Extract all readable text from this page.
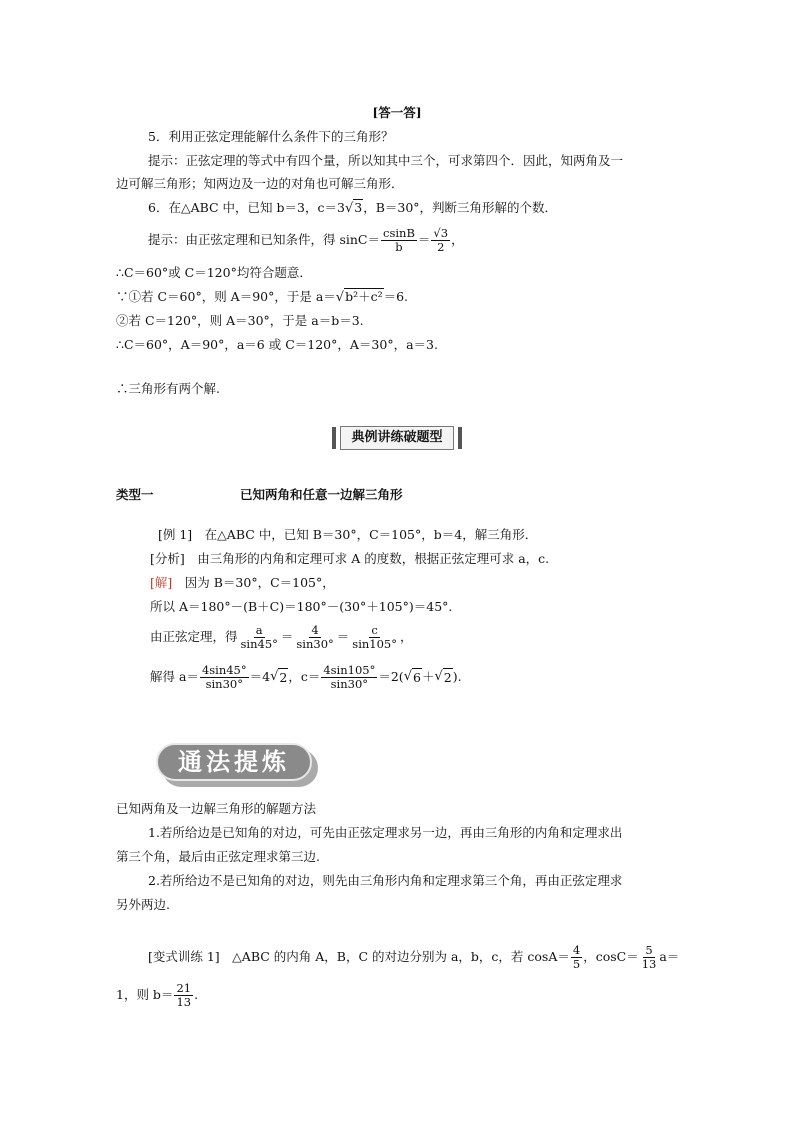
[答一答]
5．利用正弦定理能解什么条件下的三角形？
提示：正弦定理的等式中有四个量，所以知其中三个，可求第四个．因此，知两角及一
边可解三角形；知两边及一边的对角也可解三角形．
6．在△ABC 中，已知 b＝3，c＝3√3，B＝30°，判断三角形解的个数．
提示：由正弦定理和已知条件，得 $\sin C= \frac{csinB}{b} = \frac{√3}{2}$ ，
∴C＝60°或 C＝120°均符合题意．
∵①若 C＝60°，则 A＝90°，于是 a＝√b²＋c²＝6.
②若 C＝120°，则 A＝30°，于是 a＝b＝3.
∴C＝60°，A＝90°，a＝6 或 C＝120°，A＝30°，a＝3.
∴三角形有两个解.
典例讲练破题型
类型一	已知两角和任意一边解三角形
[例 1]　在△ABC 中，已知 B＝30°，C＝105°，b＝4，解三角形．
[分析]　由三角形的内角和定理可求 A 的度数，根据正弦定理可求 a，c.
[解]　因为 B＝30°，C＝105°，
所以 A＝180°－(B＋C)＝180°－(30°＋105°)＝45°.
由正弦定理，得 $\frac{a}{\sin 45^\circ} = \frac{4}{\sin 30^\circ} = \frac{c}{\sin 105^\circ}$ ，
解得 $a= \frac{4\sin 45^\circ}{\sin 30^\circ} =4$ √ 2 ，$c= \frac{4\sin 105^\circ}{\sin 30^\circ} =2$( √ 6 ＋ √ 2 ).
通法提炼
已知两角及一边解三角形的解题方法
1.若所给边是已知角的对边，可先由正弦定理求另一边，再由三角形的内角和定理求出
第三个角，最后由正弦定理求第三边.
2.若所给边不是已知角的对边，则先由三角形内角和定理求第三个角，再由正弦定理求
另外两边.
[变式训练 1]　△ABC 的内角 A，B，C 的对边分别为 a，b，c，若 $\cos A= \frac{4}{5}$ ，$\cos C= \frac{5}{13} a=$
1，则 $b= \frac{21}{13}$ .
